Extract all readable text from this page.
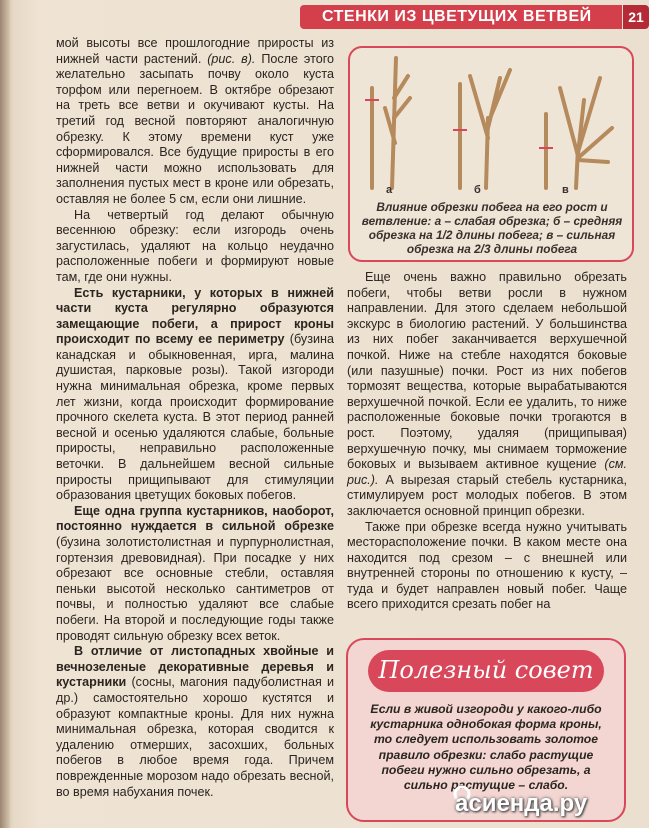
СТЕНКИ ИЗ ЦВЕТУЩИХ ВЕТВЕЙ	21

мой высоты все прошлогодние приросты из нижней части растений. (рис. в). После этого желательно засыпать почву около куста торфом или перегноем. В октябре обрезают на треть все ветви и окучивают кусты. На третий год весной повторяют аналогичную обрезку. К этому времени куст уже сформировался. Все будущие приросты в его нижней части можно использовать для заполнения пустых мест в кроне или обрезать, оставляя не более 5 см, если они лишние.

На четвертый год делают обычную весеннюю обрезку: если изгородь очень загустилась, удаляют на кольцо неудачно расположенные побеги и формируют новые там, где они нужны.

Есть кустарники, у которых в нижней части куста регулярно образуются замещающие побеги, а прирост кроны происходит по всему ее периметру (бузина канадская и обыкновенная, ирга, малина душистая, парковые розы). Такой изгороди нужна минимальная обрезка, кроме первых лет жизни, когда происходит формирование прочного скелета куста. В этот период ранней весной и осенью удаляются слабые, больные приросты, неправильно расположенные веточки. В дальнейшем весной сильные приросты прищипывают для стимуляции образования цветущих боковых побегов.

Еще одна группа кустарников, наоборот, постоянно нуждается в сильной обрезке (бузина золотистолистная и пурпурнолистная, гортензия древовидная). При посадке у них обрезают все основные стебли, оставляя пеньки высотой несколько сантиметров от почвы, и полностью удаляют все слабые побеги. На второй и последующие годы также проводят сильную обрезку всех веток.

В отличие от листопадных хвойные и вечнозеленые декоративные деревья и кустарники (сосны, магония падуболистная и др.) самостоятельно хорошо кустятся и образуют компактные кроны. Для них нужна минимальная обрезка, которая сводится к удалению отмерших, засохших, больных побегов в любое время года. Причем поврежденные морозом надо обрезать весной, во время набухания почек.

а	б	в
Влияние обрезки побега на его рост и ветвление: а – слабая обрезка; б – средняя обрезка на 1/2 длины побега; в – сильная обрезка на 2/3 длины побега

Еще очень важно правильно обрезать побеги, чтобы ветви росли в нужном направлении. Для этого сделаем небольшой экскурс в биологию растений. У большинства из них побег заканчивается верхушечной почкой. Ниже на стебле находятся боковые (или пазушные) почки. Рост из них побегов тормозят вещества, которые вырабатываются верхушечной почкой. Если ее удалить, то ниже расположенные боковые почки трогаются в рост. Поэтому, удаляя (прищипывая) верхушечную почку, мы снимаем торможение боковых и вызываем активное кущение (см. рис.). А вырезая старый стебель кустарника, стимулируем рост молодых побегов. В этом заключается основной принцип обрезки.

Также при обрезке всегда нужно учитывать месторасположение почки. В каком месте она находится под срезом – с внешней или внутренней стороны по отношению к кусту, – туда и будет направлен новый побег. Чаще всего приходится срезать побег на

Полезный совет
Если в живой изгороди у какого-либо кустарника однобокая форма кроны, то следует использовать золотое правило обрезки: слабо растущие побеги нужно сильно обрезать, а сильно растущие – слабо.
асиенда.ру
